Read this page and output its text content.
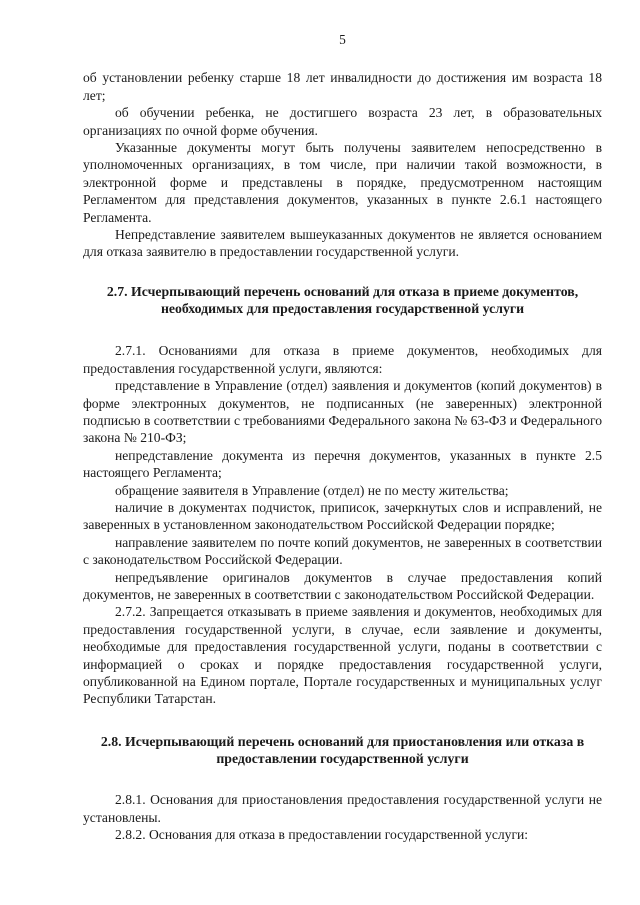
5

об установлении ребенку старше 18 лет инвалидности до достижения им возраста 18 лет;

об обучении ребенка, не достигшего возраста 23 лет, в образовательных организациях по очной форме обучения.

Указанные документы могут быть получены заявителем непосредственно в уполномоченных организациях, в том числе, при наличии такой возможности, в электронной форме и представлены в порядке, предусмотренном настоящим Регламентом для представления документов, указанных в пункте 2.6.1 настоящего Регламента.

Непредставление заявителем вышеуказанных документов не является основанием для отказа заявителю в предоставлении государственной услуги.

2.7. Исчерпывающий перечень оснований для отказа в приеме документов, необходимых для предоставления государственной услуги

2.7.1. Основаниями для отказа в приеме документов, необходимых для предоставления государственной услуги, являются:

представление в Управление (отдел) заявления и документов (копий документов) в форме электронных документов, не подписанных (не заверенных) электронной подписью в соответствии с требованиями Федерального закона № 63-ФЗ и Федерального закона № 210-ФЗ;

непредставление документа из перечня документов, указанных в пункте 2.5 настоящего Регламента;

обращение заявителя в Управление (отдел) не по месту жительства;

наличие в документах подчисток, приписок, зачеркнутых слов и исправлений, не заверенных в установленном законодательством Российской Федерации порядке;

направление заявителем по почте копий документов, не заверенных в соответствии с законодательством Российской Федерации.

непредъявление оригиналов документов в случае предоставления копий документов, не заверенных в соответствии с законодательством Российской Федерации.

2.7.2. Запрещается отказывать в приеме заявления и документов, необходимых для предоставления государственной услуги, в случае, если заявление и документы, необходимые для предоставления государственной услуги, поданы в соответствии с информацией о сроках и порядке предоставления государственной услуги, опубликованной на Едином портале, Портале государственных и муниципальных услуг Республики Татарстан.

2.8. Исчерпывающий перечень оснований для приостановления или отказа в предоставлении государственной услуги

2.8.1. Основания для приостановления предоставления государственной услуги не установлены.

2.8.2. Основания для отказа в предоставлении государственной услуги:
